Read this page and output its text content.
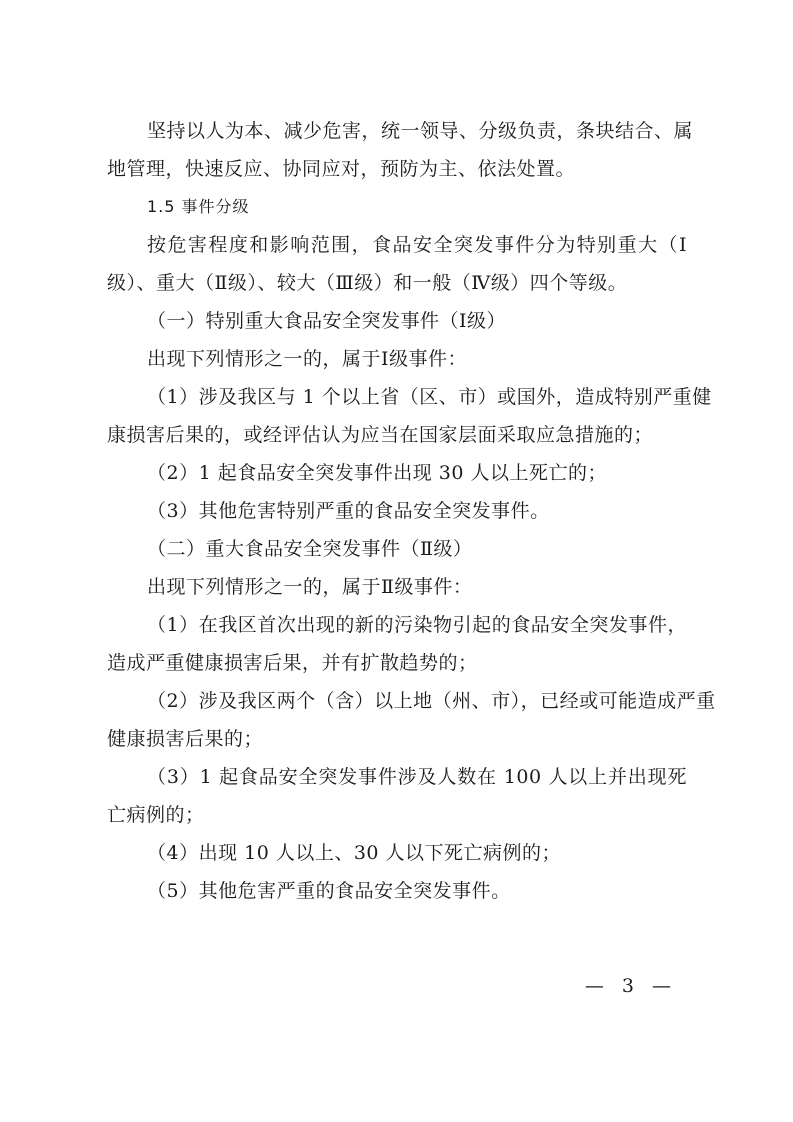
坚持以人为本、减少危害，统一领导、分级负责，条块结合、属
地管理，快速反应、协同应对，预防为主、依法处置。
1.5 事件分级
按危害程度和影响范围，食品安全突发事件分为特别重大（Ⅰ
级）、重大（Ⅱ级）、较大（Ⅲ级）和一般（Ⅳ级）四个等级。
（一）特别重大食品安全突发事件（Ⅰ级）
出现下列情形之一的，属于Ⅰ级事件：
（1）涉及我区与 1 个以上省（区、市）或国外，造成特别严重健
康损害后果的，或经评估认为应当在国家层面采取应急措施的；
（2）1 起食品安全突发事件出现 30 人以上死亡的；
（3）其他危害特别严重的食品安全突发事件。
（二）重大食品安全突发事件（Ⅱ级）
出现下列情形之一的，属于Ⅱ级事件：
（1）在我区首次出现的新的污染物引起的食品安全突发事件，
造成严重健康损害后果，并有扩散趋势的；
（2）涉及我区两个（含）以上地（州、市），已经或可能造成严重
健康损害后果的；
（3）1 起食品安全突发事件涉及人数在 100 人以上并出现死
亡病例的；
（4）出现 10 人以上、30 人以下死亡病例的；
（5）其他危害严重的食品安全突发事件。
— 3 —
